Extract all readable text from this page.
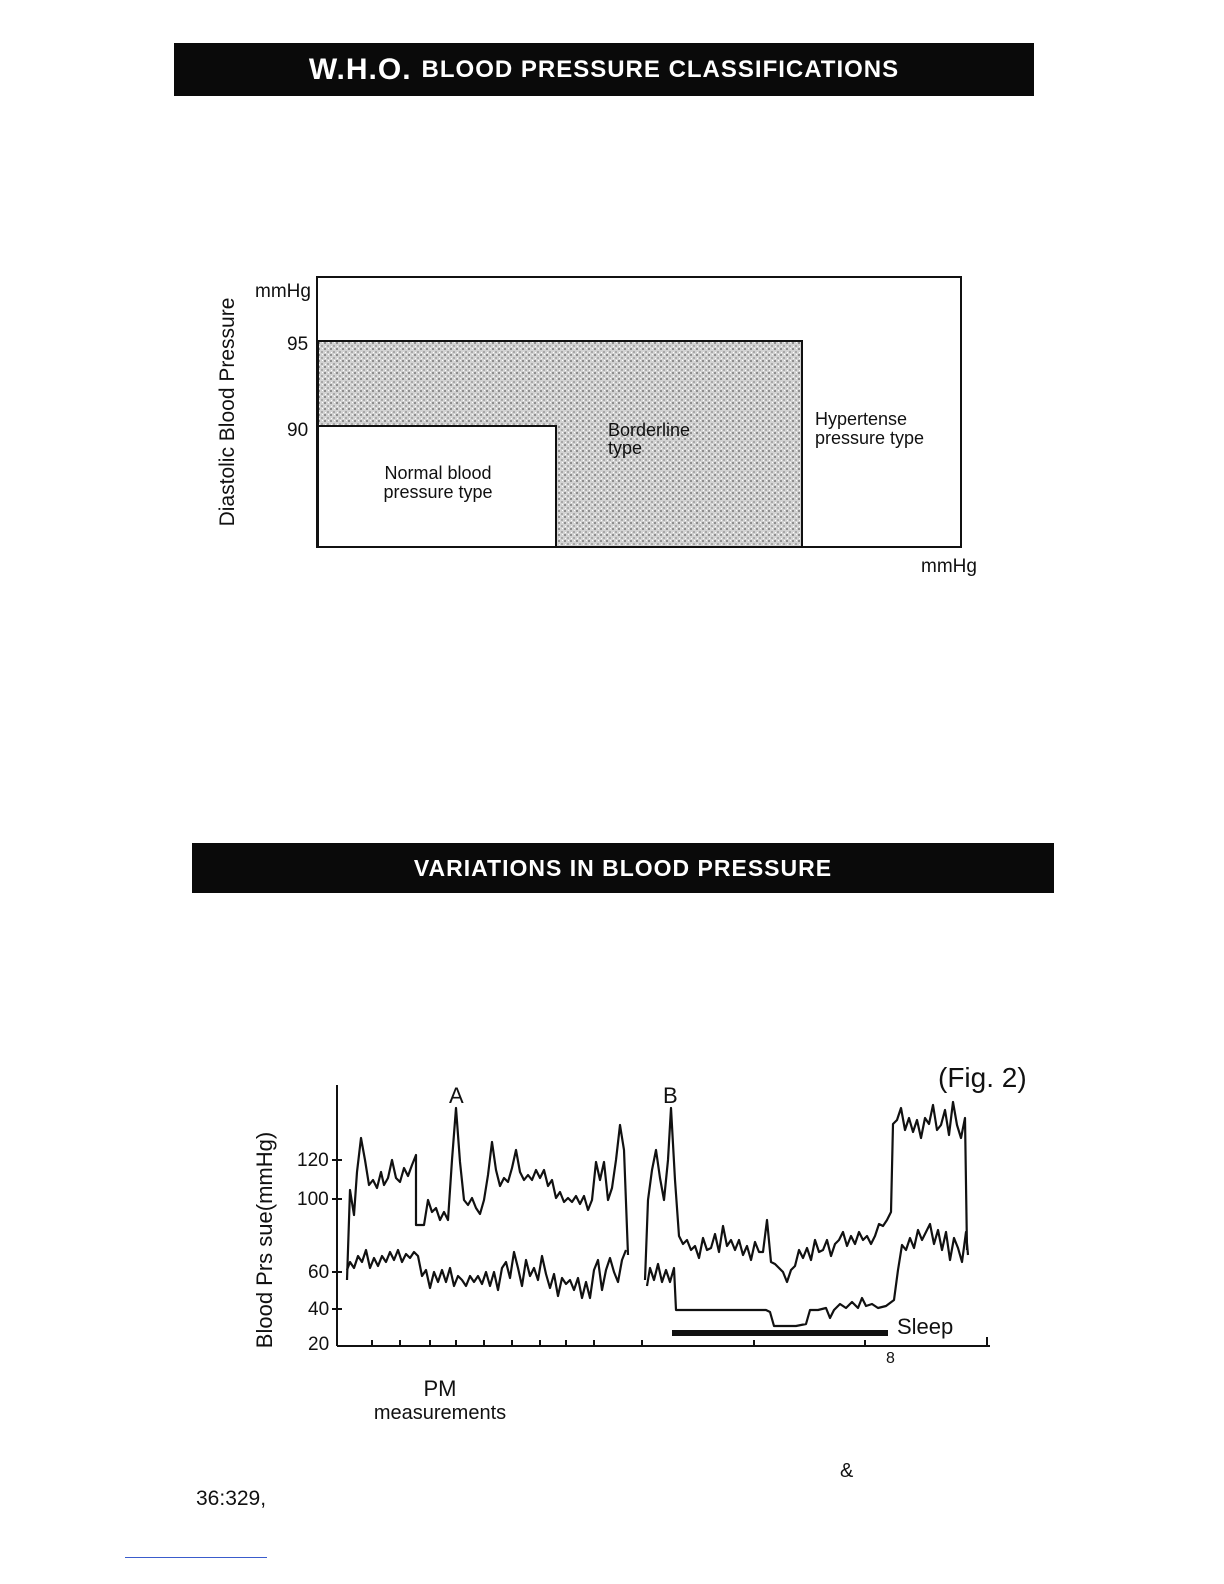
W.H.O. BLOOD PRESSURE CLASSIFICATIONS
Diastolic Blood Pressure
mmHg
95
90
mmHg
Normal blood
pressure type
Borderline
type
Hypertense
pressure type
VARIATIONS IN BLOOD PRESSURE
(Fig. 2)
A	B
Blood Prs sue(mmHg) 120
100
60
40
20
Sleep
8
PM
measurements
&
36:329,
